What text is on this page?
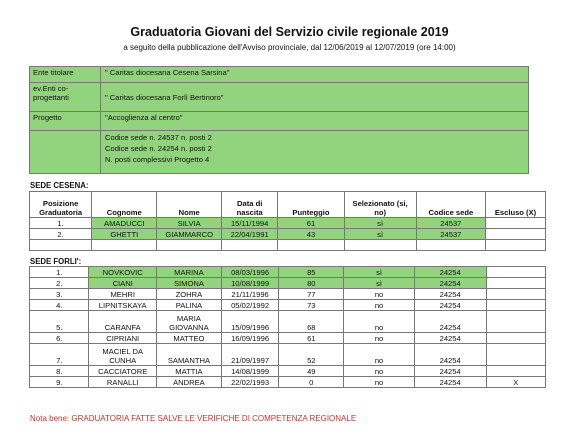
Graduatoria Giovani del Servizio civile regionale 2019
a seguito della pubblicazione dell'Avviso provinciale, dal 12/06/2019 al 12/07/2019 (ore 14:00)
Ente titolare	" Caritas diocesana Cesena Sarsina"
ev.Enti co-progettanti	" Caritas diocesana Forlì Bertinoro"
Progetto	"Accoglienza al centro"

	Codice sede n. 24537 n. posti 2
Codice sede n. 24254 n. posti 2
N. posti complessivi Progetto 4
SEDE CESENA:
Posizione Graduatoria	Cognome	Nome	Data di nascita	Punteggio	Selezionato (si, no)	Codice sede	Escluso (X)
1.	AMADUCCI	SILVIA	15/11/1994	61	sì	24537	
2.	GHETTI	GIAMMARCO	22/04/1991	43	sì	24537	

SEDE FORLI':
1.	NOVKOVIC	MARINA	08/03/1996	85	sì	24254	
2.	CIANI	SIMONA	10/08/1999	80	sì	24254	
3.	MEHRI	ZOHRA	21/11/1996	77	no	24254	
4.	LIPNITSKAYA	PALINA	05/02/1992	73	no	24254	
5.	CARANFA	MARIA GIOVANNA	15/09/1996	68	no	24254	
6.	CIPRIANI	MATTEO	16/09/1996	61	no	24254	
7.	MACIEL DA CUNHA	SAMANTHA	21/09/1997	52	no	24254	
8.	CACCIATORE	MATTIA	14/08/1999	49	no	24254	
9.	RANALLI	ANDREA	22/02/1993	0	no	24254	X
Nota bene: GRADUATORIA FATTE SALVE LE VERIFICHE DI COMPETENZA REGIONALE
